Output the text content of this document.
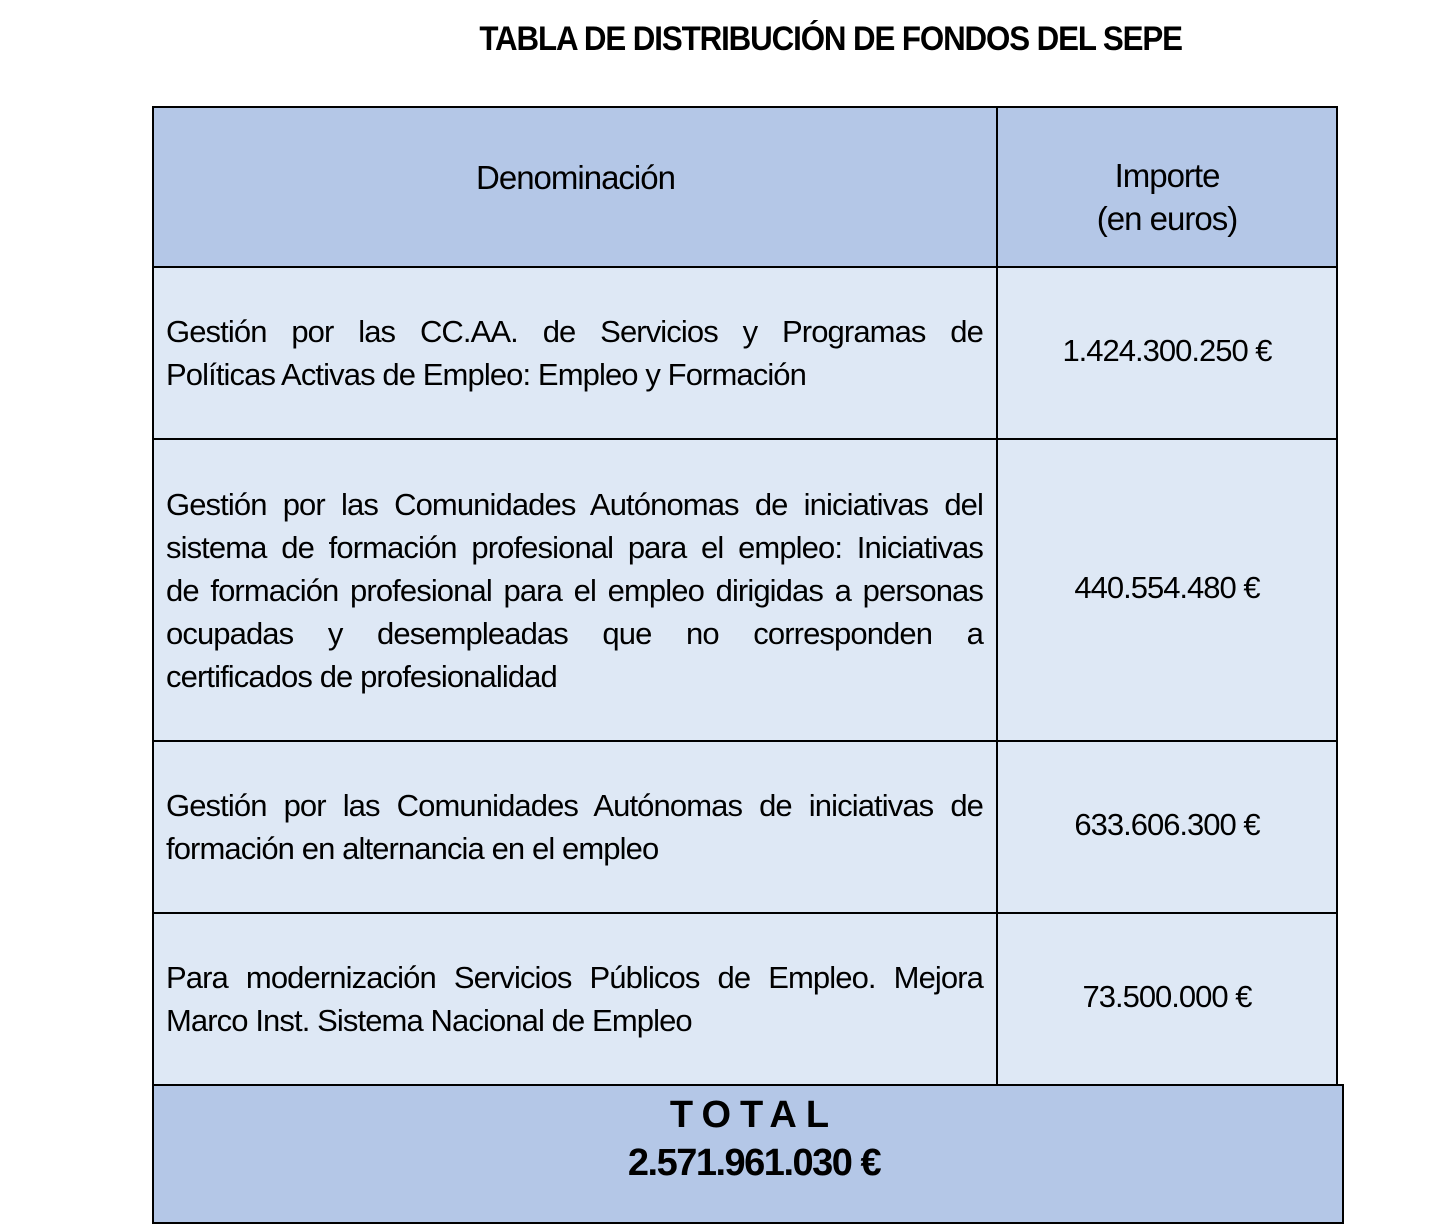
TABLA DE DISTRIBUCIÓN DE FONDOS DEL SEPE
Denominación	Importe
(en euros)
Gestión por las CC.AA. de Servicios y Programas de
Políticas Activas de Empleo: Empleo y Formación
1.424.300.250 €
Gestión por las Comunidades Autónomas de iniciativas del
sistema de formación profesional para el empleo: Iniciativas
de formación profesional para el empleo dirigidas a personas
ocupadas y desempleadas que no corresponden a
certificados de profesionalidad
440.554.480 €
Gestión por las Comunidades Autónomas de iniciativas de
formación en alternancia en el empleo
633.606.300 €
Para modernización Servicios Públicos de Empleo. Mejora
Marco Inst. Sistema Nacional de Empleo
73.500.000 €
TOTAL
2.571.961.030 €
